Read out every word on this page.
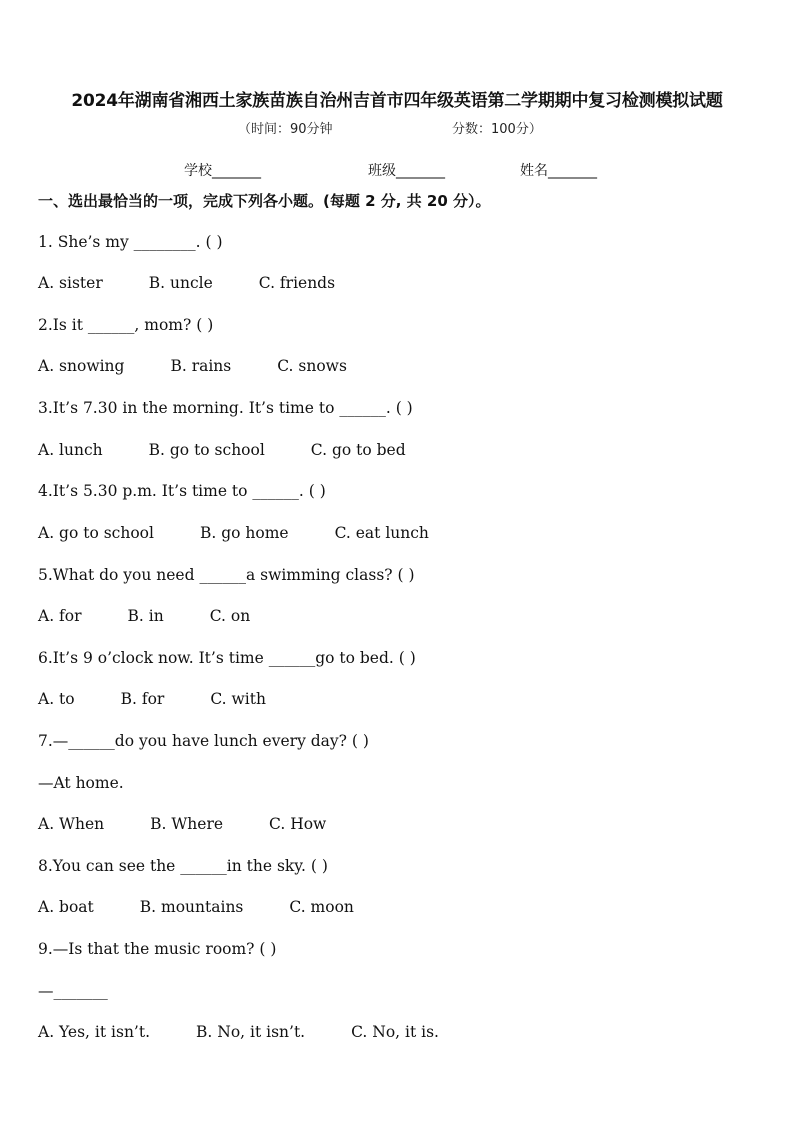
2024年湖南省湘西土家族苗族自治州吉首市四年级英语第二学期期中复习检测模拟试题
（时间：90分钟	分数：100分）
学校_______	班级_______	姓名_______
一、选出最恰当的一项，完成下列各小题。(每题 2 分, 共 20 分）。
1. She’s my ________. ( )
A. sister	B. uncle	C. friends
2.Is it ______, mom? ( )
A. snowing	B. rains	C. snows
3.It’s 7.30 in the morning. It’s time to ______. ( )
A. lunch	B. go to school	C. go to bed
4.It’s 5.30 p.m. It’s time to ______. ( )
A. go to school	B. go home	C. eat lunch
5.What do you need ______a swimming class? ( )
A. for	B. in	C. on
6.It’s 9 o’clock now. It’s time ______go to bed. ( )
A. to	B. for	C. with
7.—______do you have lunch every day? ( )
—At home.
A. When	B. Where	C. How
8.You can see the ______in the sky. ( )
A. boat	B. mountains	C. moon
9.—Is that the music room? ( )
—_______
A. Yes, it isn’t.	B. No, it isn’t.	C. No, it is.
